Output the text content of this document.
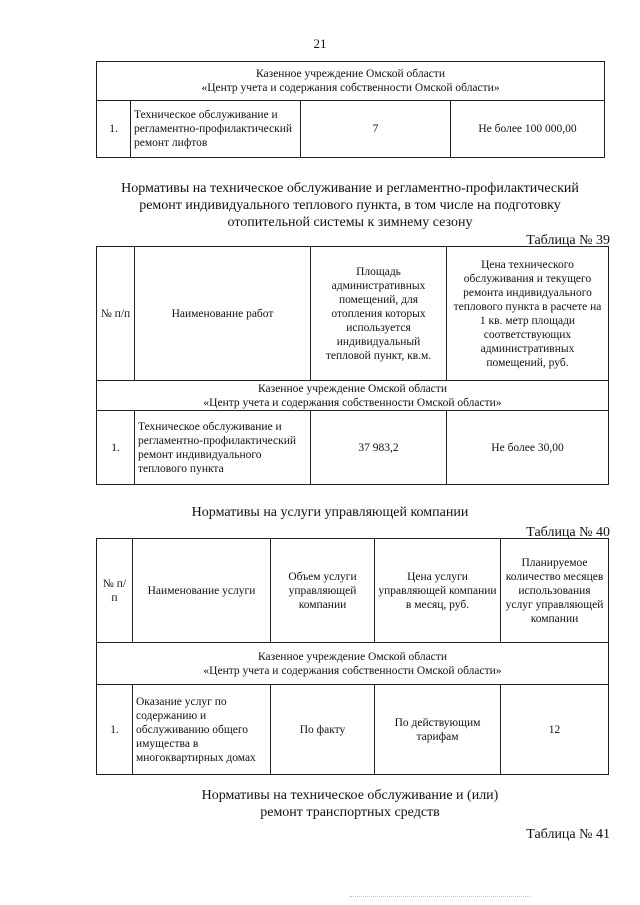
21
Казенное учреждение Омской области
«Центр учета и содержания собственности Омской области»

1.	Техническое обслуживание и регламентно-профилактический ремонт лифтов	7	Не более 100 000,00
Нормативы на техническое обслуживание и регламентно-профилактический ремонт индивидуального теплового пункта, в том числе на подготовку отопительной системы к зимнему сезону
Таблица № 39
№ п/п	Наименование работ	Площадь административных помещений, для отопления которых используется индивидуальный тепловой пункт, кв.м.	Цена технического обслуживания и текущего ремонта индивидуального теплового пункта в расчете на 1 кв. метр площади соответствующих административных помещений, руб.

Казенное учреждение Омской области
«Центр учета и содержания собственности Омской области»			

1.	Техническое обслуживание и регламентно-профилактический ремонт индивидуального теплового пункта	37 983,2	Не более 30,00
Нормативы на услуги управляющей компании
Таблица № 40
№ п/п	Наименование услуги	Объем услуги управляющей компании	Цена услуги управляющей компании в месяц, руб.	Планируемое количество месяцев использования услуг управляющей компании

Казенное учреждение Омской области
«Центр учета и содержания собственности Омской области»				

1.	Оказание услуг по содержанию и обслуживанию общего имущества в многоквартирных домах	По факту	По действующим тарифам	12
Нормативы на техническое обслуживание и (или) ремонт транспортных средств
Таблица № 41
